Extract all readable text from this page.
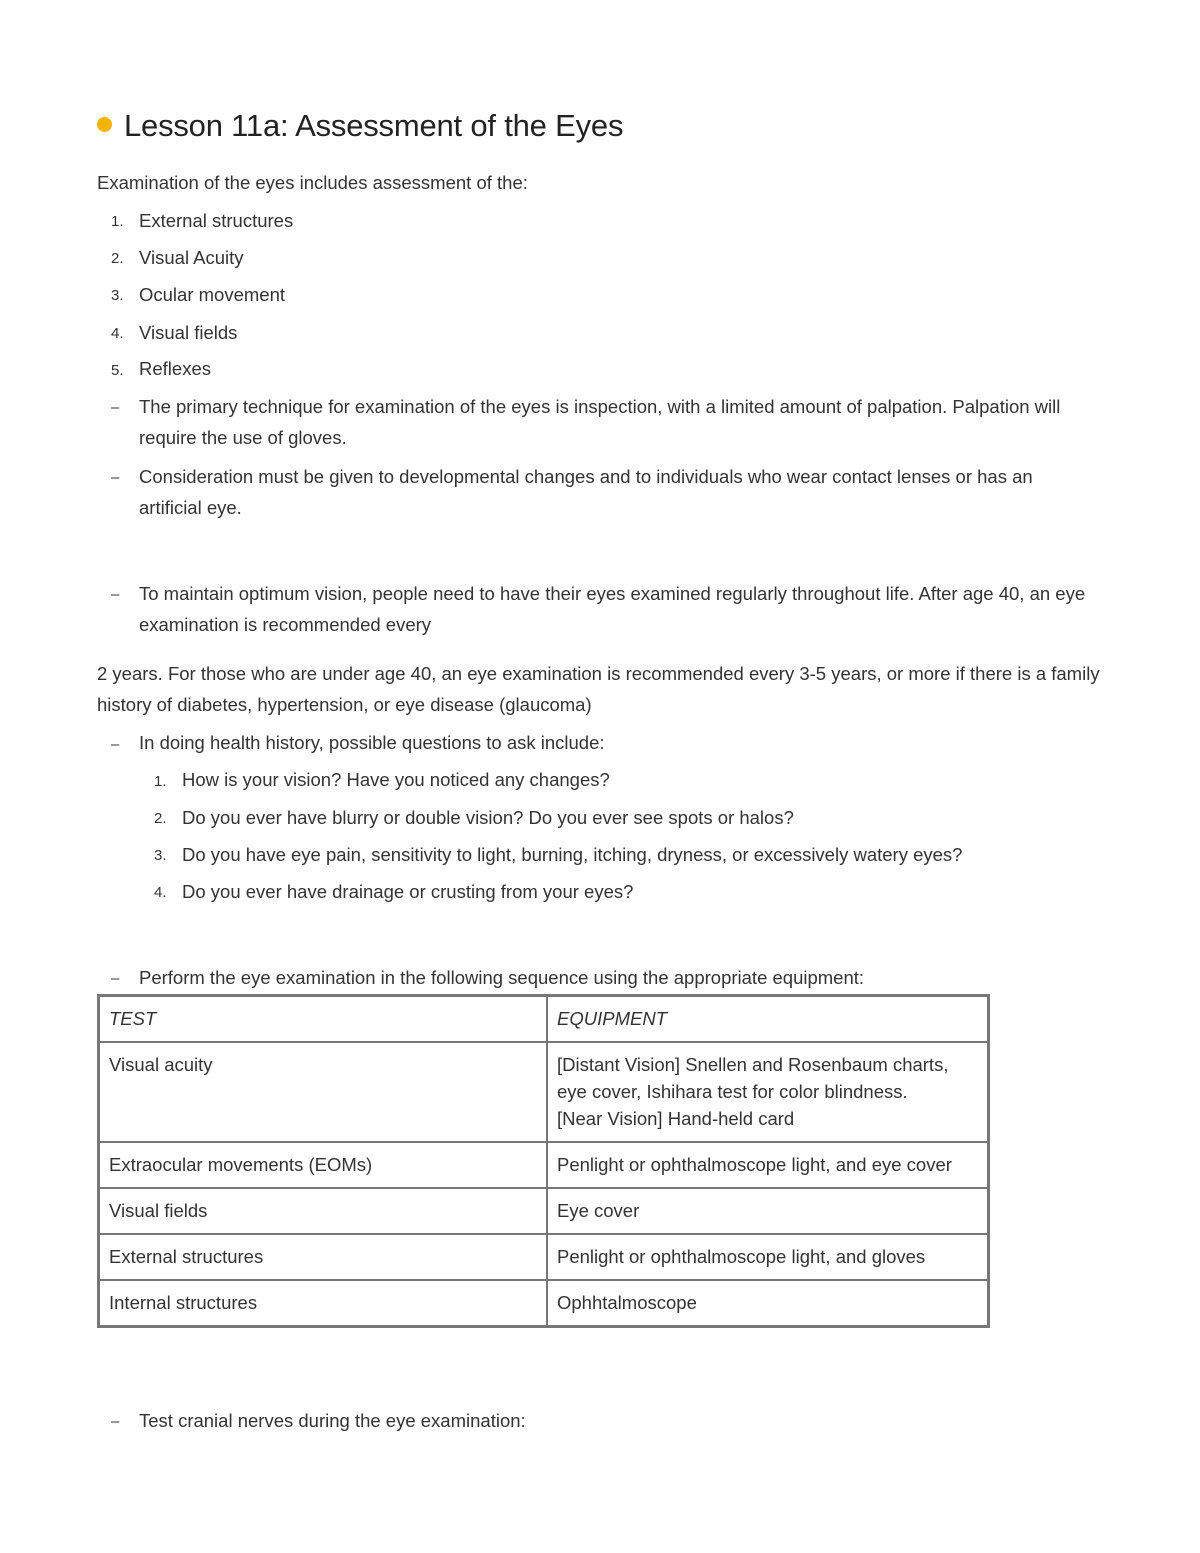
Lesson 11a: Assessment of the Eyes
Examination of the eyes includes assessment of the:
1. External structures
2. Visual Acuity
3. Ocular movement
4. Visual fields
5. Reflexes
– The primary technique for examination of the eyes is inspection, with a limited amount of palpation. Palpation will require the use of gloves.
– Consideration must be given to developmental changes and to individuals who wear contact lenses or has an artificial eye.
– To maintain optimum vision, people need to have their eyes examined regularly throughout life. After age 40, an eye examination is recommended every
2 years. For those who are under age 40, an eye examination is recommended every 3-5 years, or more if there is a family history of diabetes, hypertension, or eye disease (glaucoma)
– In doing health history, possible questions to ask include:
1. How is your vision? Have you noticed any changes?
2. Do you ever have blurry or double vision? Do you ever see spots or halos?
3. Do you have eye pain, sensitivity to light, burning, itching, dryness, or excessively watery eyes?
4. Do you ever have drainage or crusting from your eyes?
– Perform the eye examination in the following sequence using the appropriate equipment:
TEST	EQUIPMENT
Visual acuity	[Distant Vision] Snellen and Rosenbaum charts, eye cover, Ishihara test for color blindness.
[Near Vision] Hand-held card

Extraocular movements (EOMs)	Penlight or ophthalmoscope light, and eye cover

Visual fields	Eye cover

External structures	Penlight or ophthalmoscope light, and gloves

Internal structures	Ophhtalmoscope
– Test cranial nerves during the eye examination:
